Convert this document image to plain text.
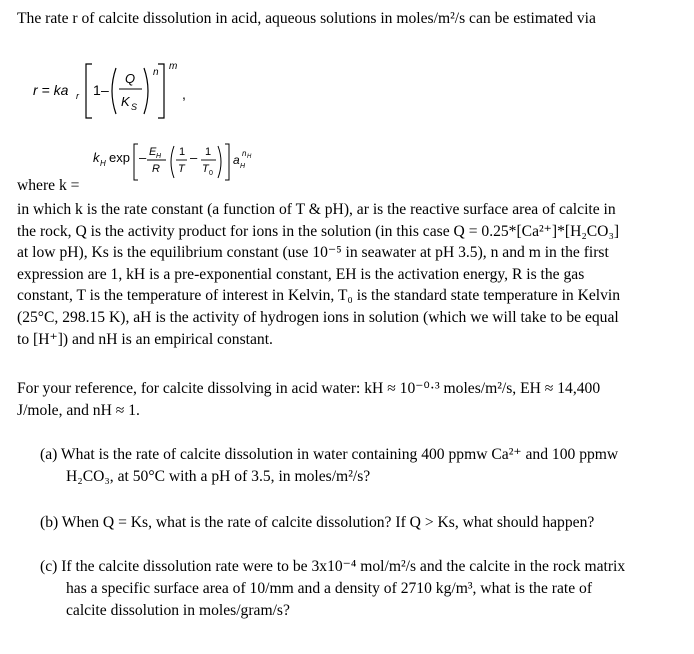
The rate r of calcite dissolution in acid, aqueous solutions in moles/m²/s can be estimated via
r = ka r 1 –
Q
K S
n
m
,
k H exp – E H
R
1
T
– 1
T 0
a H
n H
where k =
in which k is the rate constant (a function of T & pH), ar is the reactive surface area of calcite in
the rock, Q is the activity product for ions in the solution (in this case Q = 0.25*[Ca²⁺]*[H₂CO₃]
at low pH), Ks is the equilibrium constant (use 10⁻⁵ in seawater at pH 3.5), n and m in the first
expression are 1, kH is a pre-exponential constant, EH is the activation energy, R is the gas
constant, T is the temperature of interest in Kelvin, T₀ is the standard state temperature in Kelvin
(25°C, 298.15 K), aH is the activity of hydrogen ions in solution (which we will take to be equal
to [H⁺]) and nH is an empirical constant.
For your reference, for calcite dissolving in acid water: kH ≈ 10⁻⁰·³ moles/m²/s, EH ≈ 14,400
J/mole, and nH ≈ 1.
(a) What is the rate of calcite dissolution in water containing 400 ppmw Ca²⁺ and 100 ppmw
H₂CO₃, at 50°C with a pH of 3.5, in moles/m²/s?
(b) When Q = Ks, what is the rate of calcite dissolution? If Q > Ks, what should happen?
(c) If the calcite dissolution rate were to be 3x10⁻⁴ mol/m²/s and the calcite in the rock matrix
has a specific surface area of 10/mm and a density of 2710 kg/m³, what is the rate of
calcite dissolution in moles/gram/s?
